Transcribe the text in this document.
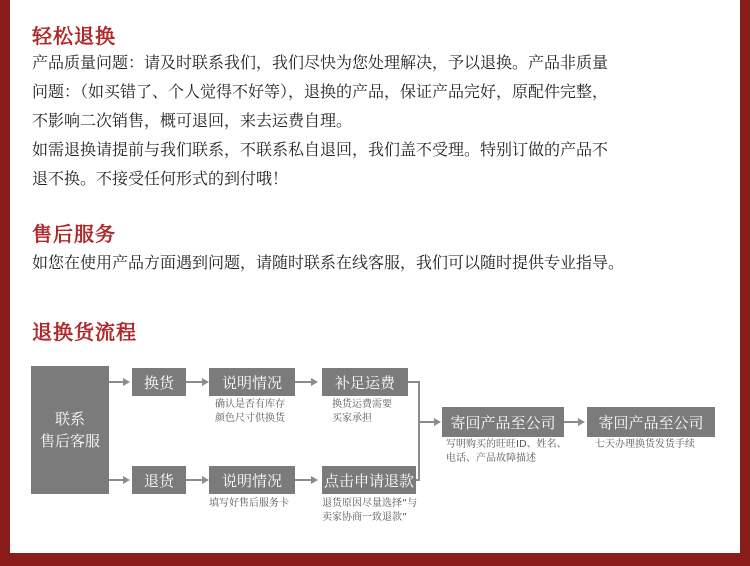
轻松退换
产品质量问题：请及时联系我们，我们尽快为您处理解决，予以退换。产品非质量
问题：（如买错了、个人觉得不好等），退换的产品，保证产品完好，原配件完整，
不影响二次销售，概可退回，来去运费自理。
如需退换请提前与我们联系，不联系私自退回，我们盖不受理。特别订做的产品不
退不换。不接受任何形式的到付哦！
售后服务
如您在使用产品方面遇到问题，请随时联系在线客服，我们可以随时提供专业指导。
退换货流程
联系
售后客服
换货	说明情况
确认是否有库存
颜色尺寸供换货
补足运费
换货运费需要
买家承担
退货	说明情况
填写好售后服务卡
点击申请退款
退货原因尽量选择“与
卖家协商一致退款”
寄回产品至公司
写明购买的旺旺ID、姓名、
电话、产品故障描述
寄回产品至公司
七天办理换货发货手续
